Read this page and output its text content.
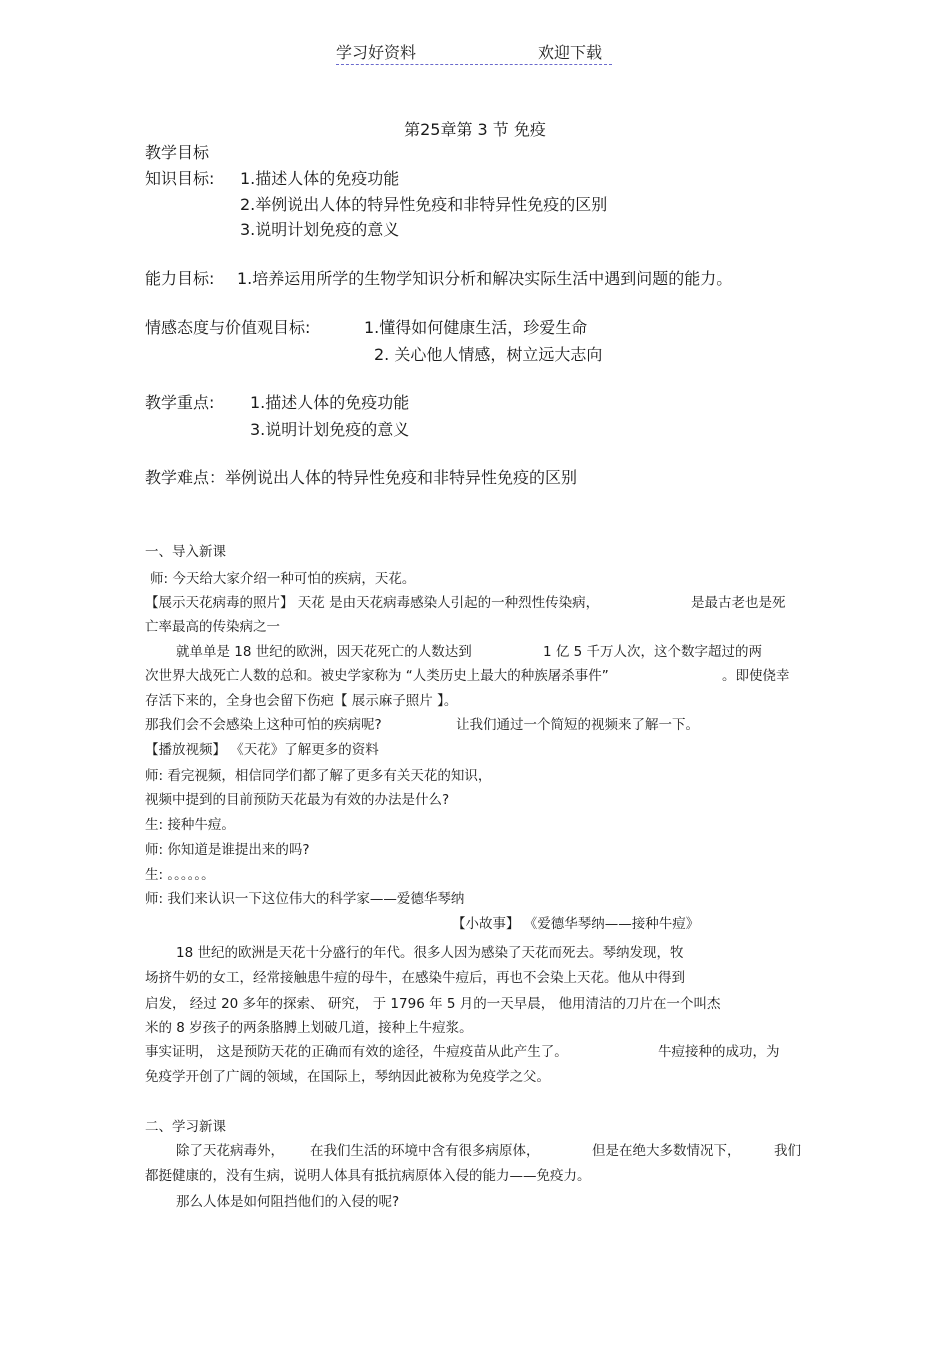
学习好资料	欢迎下载
第25章第 3 节 免疫
教学目标
知识目标: 1.描述人体的免疫功能
2.举例说出人体的特异性免疫和非特异性免疫的区别
3.说明计划免疫的意义
能力目标: 1.培养运用所学的生物学知识分析和解决实际生活中遇到问题的能力。
情感态度与价值观目标:	1.懂得如何健康生活，珍爱生命
2. 关心他人情感，树立远大志向
教学重点: 1.描述人体的免疫功能
3.说明计划免疫的意义
教学难点：举例说出人体的特异性免疫和非特异性免疫的区别
一、导入新课
师: 今天给大家介绍一种可怕的疾病，天花。
【展示天花病毒的照片】 天花 是由天花病毒感染人引起的一种烈性传染病，	是最古老也是死
亡率最高的传染病之一
就单单是 18 世纪的欧洲，因天花死亡的人数达到	1 亿 5 千万人次，这个数字超过的两
次世界大战死亡人数的总和。被史学家称为 “人类历史上最大的种族屠杀事件”	。即使侥幸
存活下来的，全身也会留下伤疤【 展示麻子照片 】。
那我们会不会感染上这种可怕的疾病呢?	让我们通过一个简短的视频来了解一下。
【播放视频】 《天花》了解更多的资料
师: 看完视频，相信同学们都了解了更多有关天花的知识，
视频中提到的目前预防天花最为有效的办法是什么?
生: 接种牛痘。
师: 你知道是谁提出来的吗?
生: 。。。。。。
师: 我们来认识一下这位伟大的科学家——爱德华琴纳
【小故事】 《爱德华琴纳——接种牛痘》
18 世纪的欧洲是天花十分盛行的年代。很多人因为感染了天花而死去。琴纳发现，牧
场挤牛奶的女工，经常接触患牛痘的母牛，在感染牛痘后，再也不会染上天花。他从中得到
启发， 经过 20 多年的探索、 研究， 于 1796 年 5 月的一天早晨， 他用清洁的刀片在一个叫杰
米的 8 岁孩子的两条胳膊上划破几道，接种上牛痘浆。
事实证明， 这是预防天花的正确而有效的途径，牛痘疫苗从此产生了。	牛痘接种的成功，为
免疫学开创了广阔的领域，在国际上，琴纳因此被称为免疫学之父。
二、学习新课
除了天花病毒外， 在我们生活的环境中含有很多病原体，	但是在绝大多数情况下， 我们
都挺健康的，没有生病，说明人体具有抵抗病原体入侵的能力——免疫力。
那么人体是如何阻挡他们的入侵的呢?
